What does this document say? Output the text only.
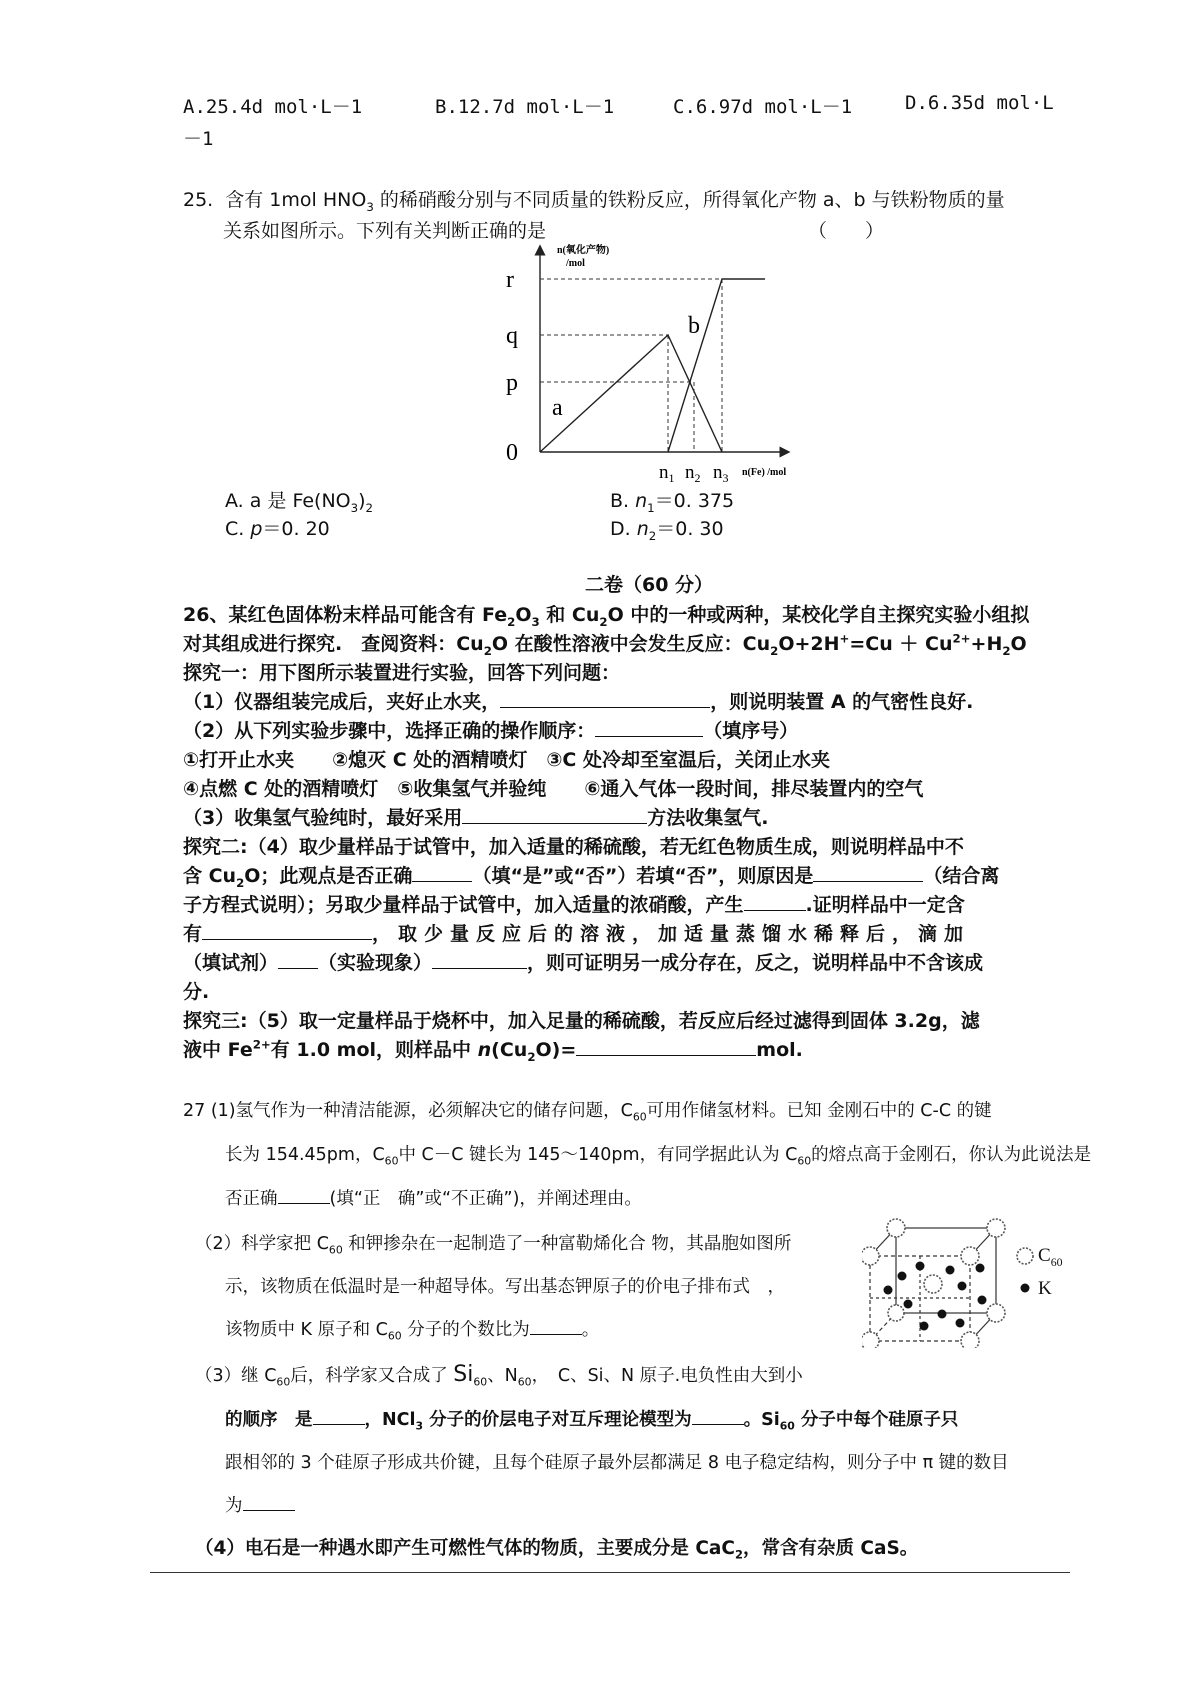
A.25.4d mol·L－1	B.12.7d mol·L－1	C.6.97d mol·L－1	D.6.35d mol·L
－1
25. 含有 1mol $HNO_3$ 的稀硝酸分别与不同质量的铁粉反应，所得氧化产物 a、b 与铁粉物质的量
关系如图所示。下列有关判断正确的是	（　　）
n(氧化产物)
/mol
n(Fe) /mol
r
q
p
0
$n_1$ $n_2$ $n_3$
a
b
A. a 是 $Fe(NO_3)_2$	B. $n_1=0$. 375
C. p＝0. 20	D. $n_2=0$. 30
二卷（60 分）
26、某红色固体粉末样品可能含有 $Fe_2O_3$ 和 $Cu_2O$ 中的一种或两种，某校化学自主探究实验小组拟
对其组成进行探究.　查阅资料：$Cu_2O$ 在酸性溶液中会发生反应：$Cu_2O+2H^+=Cu + Cu^{2+}+H_2O$
探究一：用下图所示装置进行实验，回答下列问题：
（1）仪器组装完成后，夹好止水夹，	，则说明装置 A 的气密性良好.
（2）从下列实验步骤中，选择正确的操作顺序：	（填序号）
①打开止水夹　　②熄灭 C 处的酒精喷灯　③C 处冷却至室温后，关闭止水夹
④点燃 C 处的酒精喷灯　⑤收集氢气并验纯　　⑥通入气体一段时间，排尽装置内的空气
（3）收集氢气验纯时，最好采用	方法收集氢气.
探究二:（4）取少量样品于试管中，加入适量的稀硫酸，若无红色物质生成，则说明样品中不
含 $Cu_2O$；此观点是否正确	（填“是”或“否”）若填“否”，则原因是	（结合离
子方程式说明）；另取少量样品于试管中，加入适量的浓硝酸，产生	.证明样品中一定含
有	，取少量反应后的溶液，加适量蒸馏水稀释后，滴加
（填试剂） （实验现象）	，则可证明另一成分存在，反之，说明样品中不含该成
分.
探究三:（5）取一定量样品于烧杯中，加入足量的稀硫酸，若反应后经过滤得到固体 3.2g，滤
液中 $Fe^{2+}$有 1.0 mol，则样品中 $n(Cu_2O)=$	mol.
27 (1)氢气作为一种清洁能源，必须解决它的储存问题，$C_{60}$可用作储氢材料。已知 金刚石中的 C-C 的键
长为 154.45pm，$C_{60}$中 C－C 键长为 145～140pm，有同学据此认为 $C_{60}$的熔点高于金刚石，你认为此说法是
否正确	(填“正　确”或“不正确”)，并阐述理由。
（2）科学家把 $C_{60}$ 和钾掺杂在一起制造了一种富勒烯化合 物，其晶胞如图所
示，该物质在低温时是一种超导体。写出基态钾原子的价电子排布式　，
该物质中 K 原子和 $C_{60}$ 分子的个数比为	。
$C_{60}$
K
（3）继 $C_{60}$后，科学家又合成了 $Si_{60}$、$N_{60}$，　C、Si、N 原子.电负性由大到小
的顺序　是	，NCl$_3$ 分子的价层电子对互斥理论模型为	。$Si_{60}$ 分子中每个硅原子只
跟相邻的 3 个硅原子形成共价键，且每个硅原子最外层都满足 8 电子稳定结构，则分子中 π 键的数目
为
（4）电石是一种遇水即产生可燃性气体的物质，主要成分是 CaC$_2$，常含有杂质 CaS。
